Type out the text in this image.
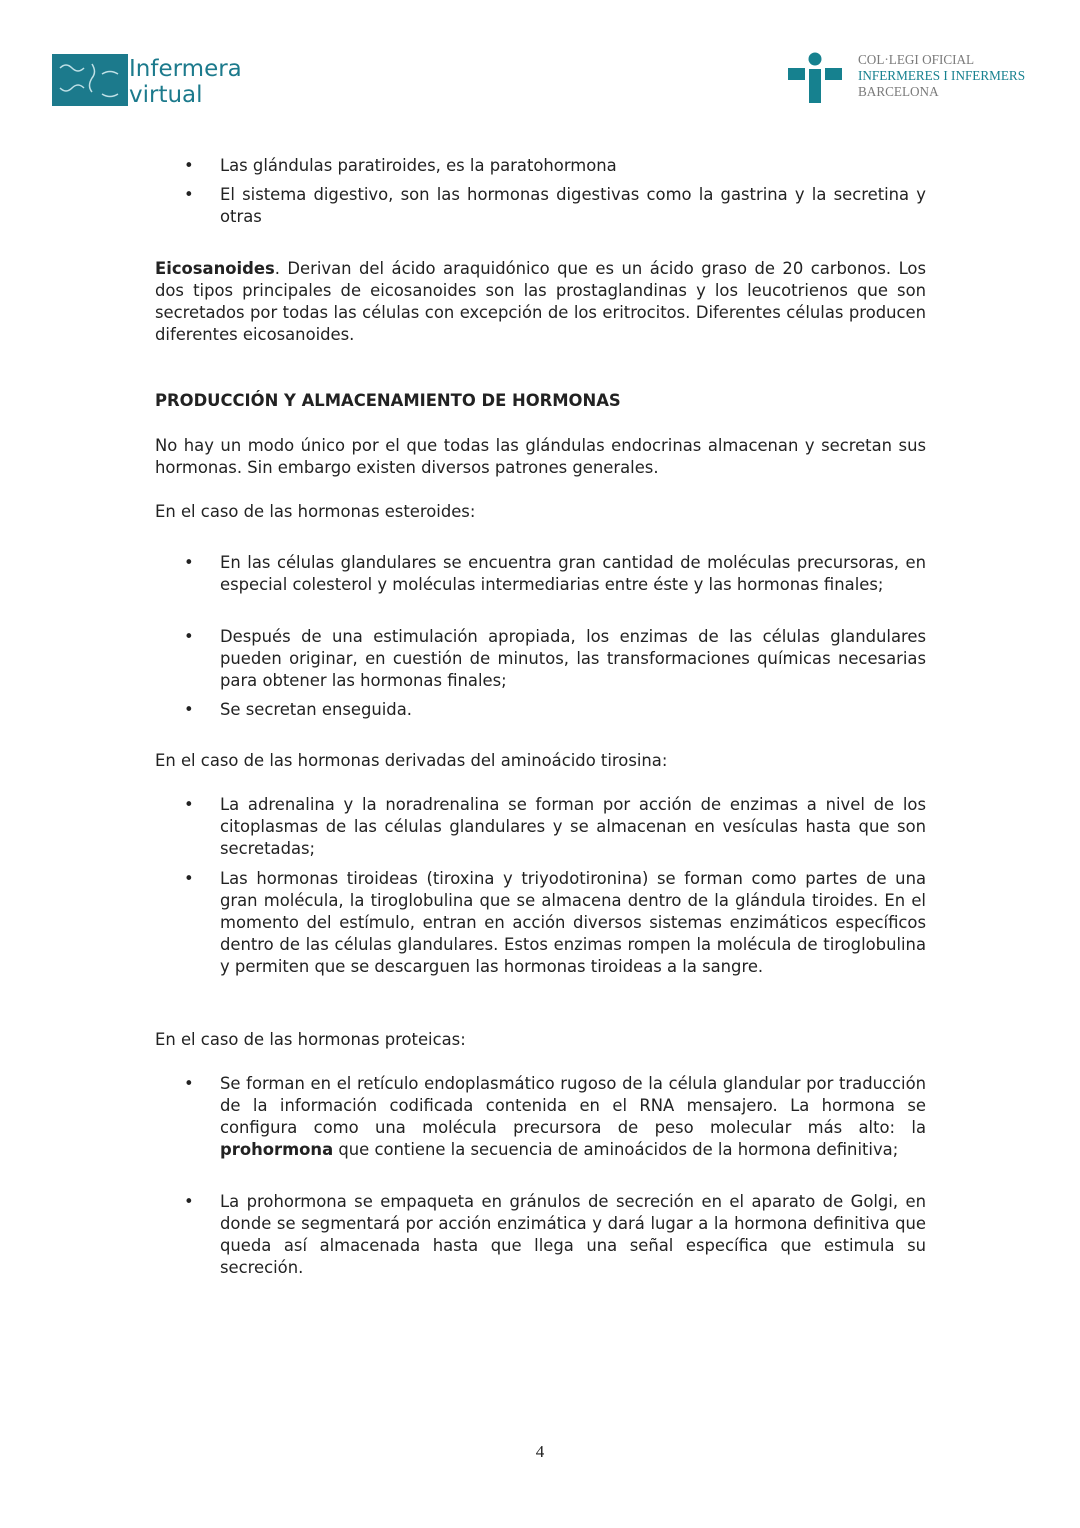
Infermera
virtual
COL·LEGI OFICIAL
INFERMERES I INFERMERS
BARCELONA
• Las glándulas paratiroides, es la paratohormona
• El sistema digestivo, son las hormonas digestivas como la gastrina y la secretina y otras
Eicosanoides. Derivan del ácido araquidónico que es un ácido graso de 20 carbonos. Los dos tipos principales de eicosanoides son las prostaglandinas y los leucotrienos que son secretados por todas las células con excepción de los eritrocitos. Diferentes células producen diferentes eicosanoides.
PRODUCCIÓN Y ALMACENAMIENTO DE HORMONAS
No hay un modo único por el que todas las glándulas endocrinas almacenan y secretan sus hormonas. Sin embargo existen diversos patrones generales.
En el caso de las hormonas esteroides:
• En las células glandulares se encuentra gran cantidad de moléculas precursoras, en especial colesterol y moléculas intermediarias entre éste y las hormonas finales;
• Después de una estimulación apropiada, los enzimas de las células glandulares pueden originar, en cuestión de minutos, las transformaciones químicas necesarias para obtener las hormonas finales;
• Se secretan enseguida.
En el caso de las hormonas derivadas del aminoácido tirosina:
• La adrenalina y la noradrenalina se forman por acción de enzimas a nivel de los citoplasmas de las células glandulares y se almacenan en vesículas hasta que son secretadas;
• Las hormonas tiroideas (tiroxina y triyodotironina) se forman como partes de una gran molécula, la tiroglobulina que se almacena dentro de la glándula tiroides. En el momento del estímulo, entran en acción diversos sistemas enzimáticos específicos dentro de las células glandulares. Estos enzimas rompen la molécula de tiroglobulina y permiten que se descarguen las hormonas tiroideas a la sangre.
En el caso de las hormonas proteicas:
• Se forman en el retículo endoplasmático rugoso de la célula glandular por traducción de la información codificada contenida en el RNA mensajero. La hormona se configura como una molécula precursora de peso molecular más alto: la prohormona que contiene la secuencia de aminoácidos de la hormona definitiva;
• La prohormona se empaqueta en gránulos de secreción en el aparato de Golgi, en donde se segmentará por acción enzimática y dará lugar a la hormona definitiva que queda así almacenada hasta que llega una señal específica que estimula su secreción.
4
